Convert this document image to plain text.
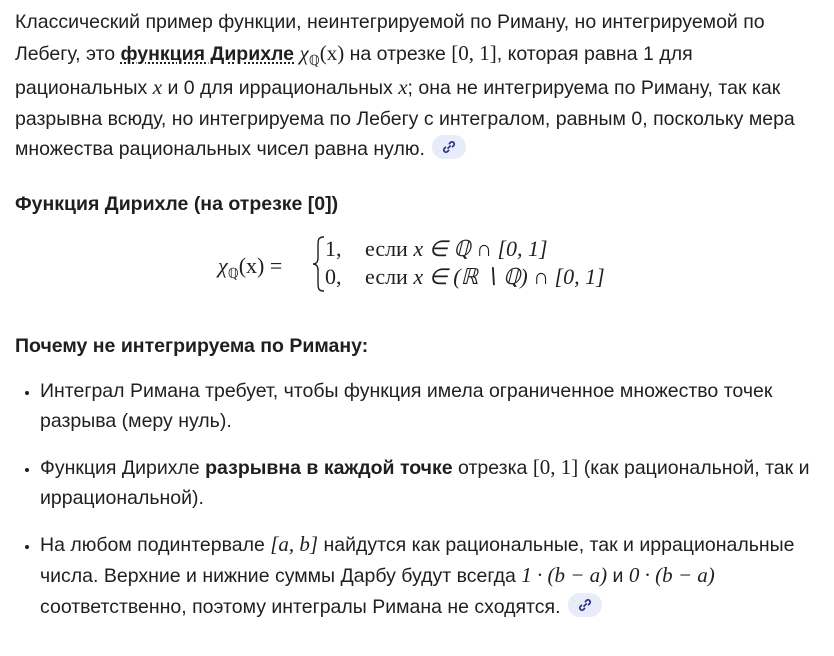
Классический пример функции, неинтегрируемой по Риману, но интегрируемой по Лебегу, это функция Дирихле $\chi_ℚ(x)$ на отрезке [0, 1], которая равна 1 для рациональных x и 0 для иррациональных x; она не интегрируема по Риману, так как разрывна всюду, но интегрируема по Лебегу с интегралом, равным 0, поскольку мера множества рациональных чисел равна нулю.

Функция Дирихле (на отрезке [0])

$\chi_ℚ(x)$ =
1, если x ∈ ℚ ∩ [0, 1]
0, если x ∈ (ℝ ∖ ℚ) ∩ [0, 1]

Почему не интегрируема по Риману:

• Интеграл Римана требует, чтобы функция имела ограниченное множество точек разрыва (меру нуль).
• Функция Дирихле разрывна в каждой точке отрезка [0, 1] (как рациональной, так и иррациональной).
• На любом подинтервале [a, b] найдутся как рациональные, так и иррациональные числа. Верхние и нижние суммы Дарбу будут всегда 1 · (b − a) и 0 · (b − a) соответственно, поэтому интегралы Римана не сходятся.
